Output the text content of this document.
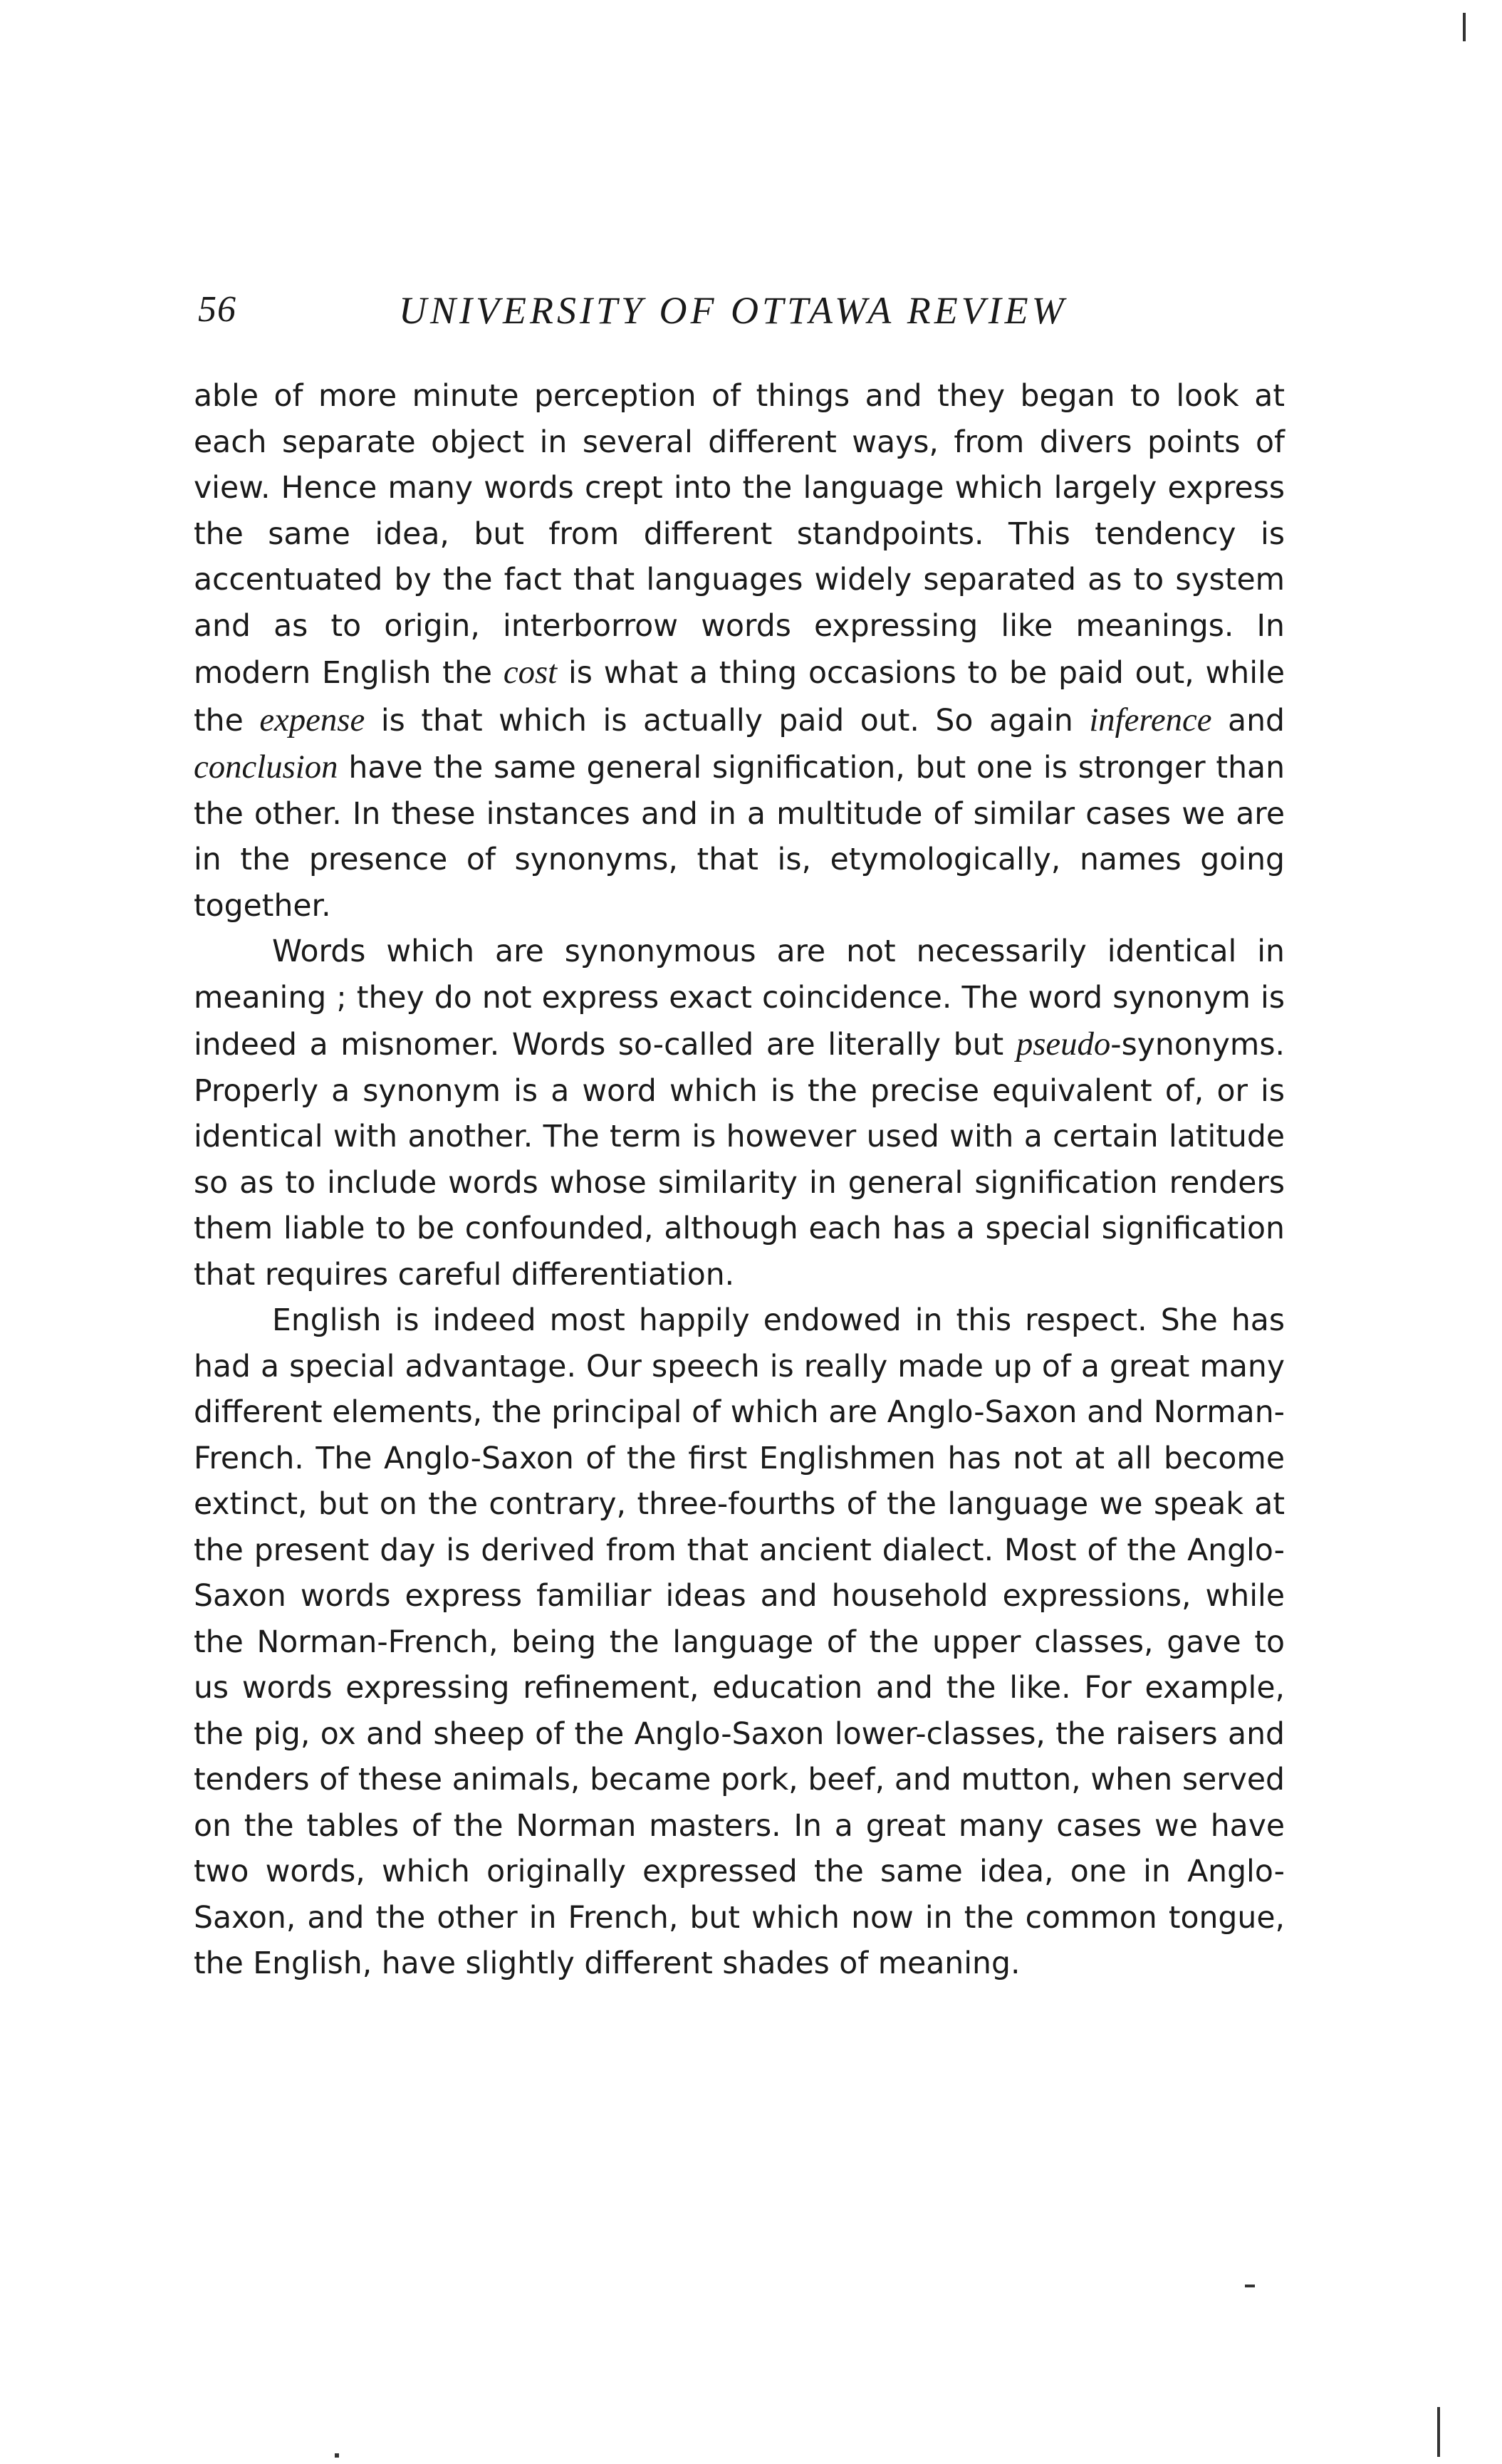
56	UNIVERSITY OF OTTAWA REVIEW

able of more minute perception of things and they began to look at each separate object in several different ways, from divers points of view. Hence many words crept into the language which largely express the same idea, but from different standpoints. This tendency is accentuated by the fact that languages widely separated as to system and as to origin, interborrow words expressing like meanings. In modern English the cost is what a thing occasions to be paid out, while the expense is that which is actually paid out. So again inference and conclusion have the same general signification, but one is stronger than the other. In these instances and in a multitude of similar cases we are in the presence of synonyms, that is, etymologically, names going together.

Words which are synonymous are not necessarily identical in meaning ; they do not express exact coincidence. The word synonym is indeed a misnomer. Words so-called are literally but pseudo-synonyms. Properly a synonym is a word which is the precise equivalent of, or is identical with another. The term is however used with a certain latitude so as to include words whose similarity in general signification renders them liable to be confounded, although each has a special signification that requires careful differentiation.

English is indeed most happily endowed in this respect. She has had a special advantage. Our speech is really made up of a great many different elements, the principal of which are Anglo-Saxon and Norman-French. The Anglo-Saxon of the first Englishmen has not at all become extinct, but on the contrary, three-fourths of the language we speak at the present day is derived from that ancient dialect. Most of the Anglo-Saxon words express familiar ideas and household expressions, while the Norman-French, being the language of the upper classes, gave to us words expressing refinement, education and the like. For example, the pig, ox and sheep of the Anglo-Saxon lower-classes, the raisers and tenders of these animals, became pork, beef, and mutton, when served on the tables of the Norman masters. In a great many cases we have two words, which originally expressed the same idea, one in Anglo-Saxon, and the other in French, but which now in the common tongue, the English, have slightly different shades of meaning.
